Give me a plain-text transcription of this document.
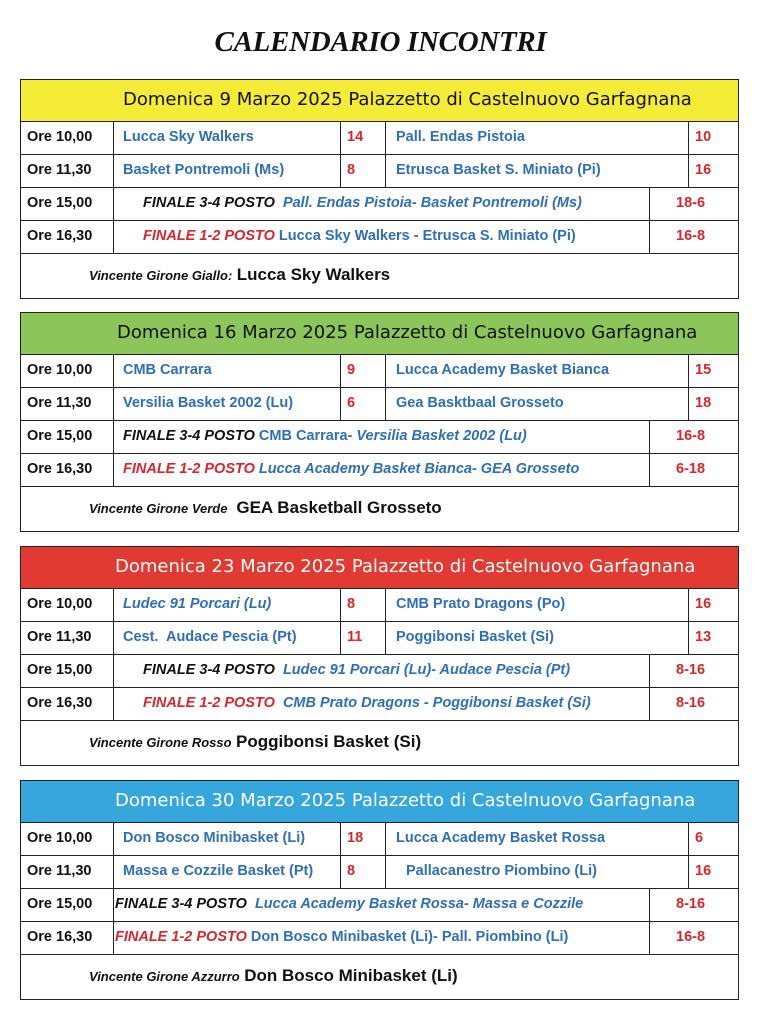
CALENDARIO INCONTRI
Domenica 9 Marzo 2025 Palazzetto di Castelnuovo Garfagnana
Ore 10,00 Lucca Sky Walkers	14 Pall. Endas Pistoia	10
Ore 11,30 Basket Pontremoli (Ms)	8	Etrusca Basket S. Miniato (Pi)	16
Ore 15,00	FINALE 3-4 POSTO Pall. Endas Pistoia- Basket Pontremoli (Ms)	18-6
Ore 16,30	FINALE 1-2 POSTO Lucca Sky Walkers - Etrusca S. Miniato (Pi)	16-8
Vincente Girone Giallo: Lucca Sky Walkers
Domenica 16 Marzo 2025 Palazzetto di Castelnuovo Garfagnana
Ore 10,00 CMB Carrara	9	Lucca Academy Basket Bianca	15
Ore 11,30 Versilia Basket 2002 (Lu)	6	Gea Basktbaal Grosseto	18
Ore 15,00 FINALE 3-4 POSTO CMB Carrara- Versilia Basket 2002 (Lu)	16-8
Ore 16,30 FINALE 1-2 POSTO Lucca Academy Basket Bianca- GEA Grosseto	6-18
Vincente Girone Verde GEA Basketball Grosseto
Domenica 23 Marzo 2025 Palazzetto di Castelnuovo Garfagnana
Ore 10,00 Ludec 91 Porcari (Lu)	8	CMB Prato Dragons (Po)	16
Ore 11,30 Cest.  Audace Pescia (Pt)	11 Poggibonsi Basket (Si)	13
Ore 15,00	FINALE 3-4 POSTO Ludec 91 Porcari (Lu)- Audace Pescia (Pt)	8-16
Ore 16,30	FINALE 1-2 POSTO CMB Prato Dragons - Poggibonsi Basket (Si)	8-16
Vincente Girone Rosso Poggibonsi Basket (Si)
Domenica 30 Marzo 2025 Palazzetto di Castelnuovo Garfagnana
Ore 10,00 Don Bosco Minibasket (Li)	18 Lucca Academy Basket Rossa	6
Ore 11,30 Massa e Cozzile Basket (Pt) 8	Pallacanestro Piombino (Li)	16
Ore 15,00 FINALE 3-4 POSTO Lucca Academy Basket Rossa- Massa e Cozzile	8-16
Ore 16,30 FINALE 1-2 POSTO Don Bosco Minibasket (Li)- Pall. Piombino (Li)	16-8
Vincente Girone Azzurro Don Bosco Minibasket (Li)
